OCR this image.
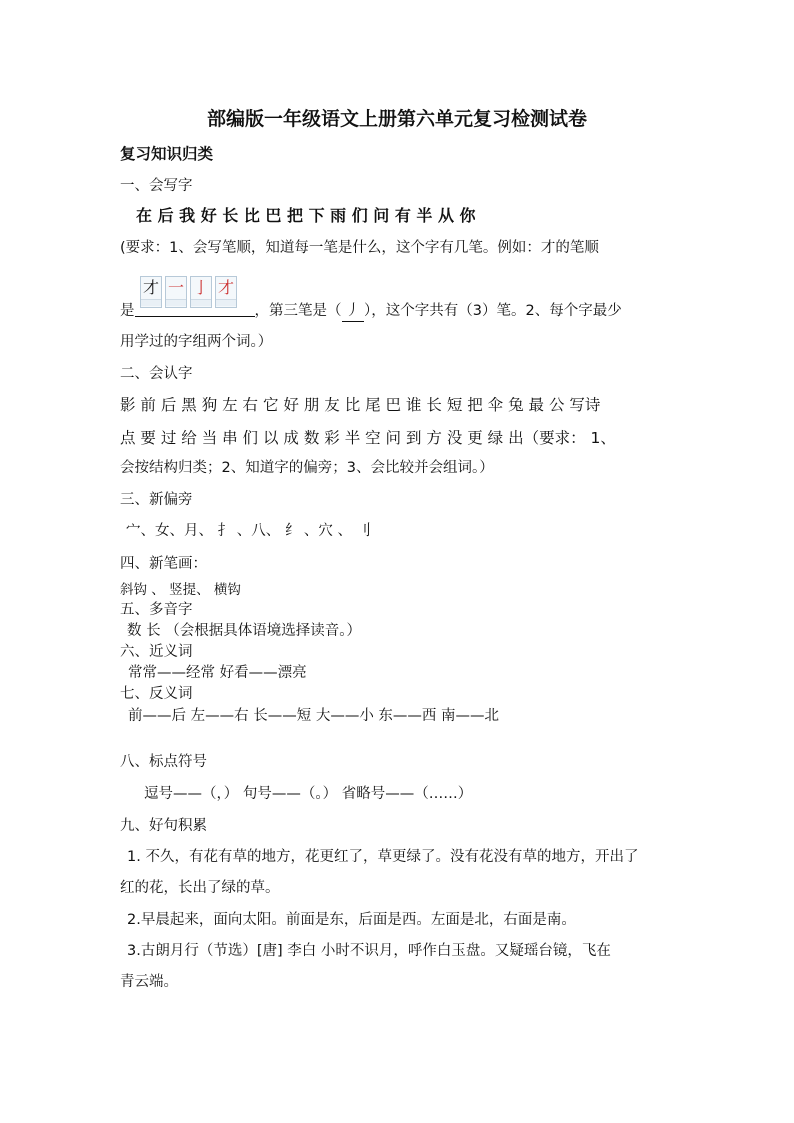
部编版一年级语文上册第六单元复习检测试卷
复习知识归类
一、会写字
在 后 我 好 长 比 巴 把 下 雨 们 问 有 半 从 你
(要求：1、会写笔顺，知道每一笔是什么，这个字有几笔。例如：才的笔顺
才 一 亅 才
是	，第三笔是（ 丿 ），这个字共有（3）笔。2、每个字最少
用学过的字组两个词。）
二、会认字
影 前 后 黑 狗 左 右 它 好 朋 友 比 尾 巴 谁 长 短 把 伞 兔 最 公 写诗
点 要 过 给 当 串 们 以 成 数 彩 半 空 问 到 方 没 更 绿 出（要求： 1、
会按结构归类；2、知道字的偏旁；3、会比较并会组词。）
三、新偏旁
宀、女、月、 扌 、八、 纟 、穴 、 刂
四、新笔画：
斜钩 、 竖提、 横钩
五、多音字
数 长 （会根据具体语境选择读音。）
六、近义词
常常——经常 好看——漂亮
七、反义词
前——后 左——右 长——短 大——小 东——西 南——北
八、标点符号
逗号——（，） 句号——（。） 省略号——（……）
九、好句积累
1. 不久，有花有草的地方，花更红了，草更绿了。没有花没有草的地方，开出了
红的花，长出了绿的草。
2.早晨起来，面向太阳。前面是东，后面是西。左面是北，右面是南。
3.古朗月行（节选）[唐] 李白 小时不识月，呼作白玉盘。又疑瑶台镜，飞在
青云端。
